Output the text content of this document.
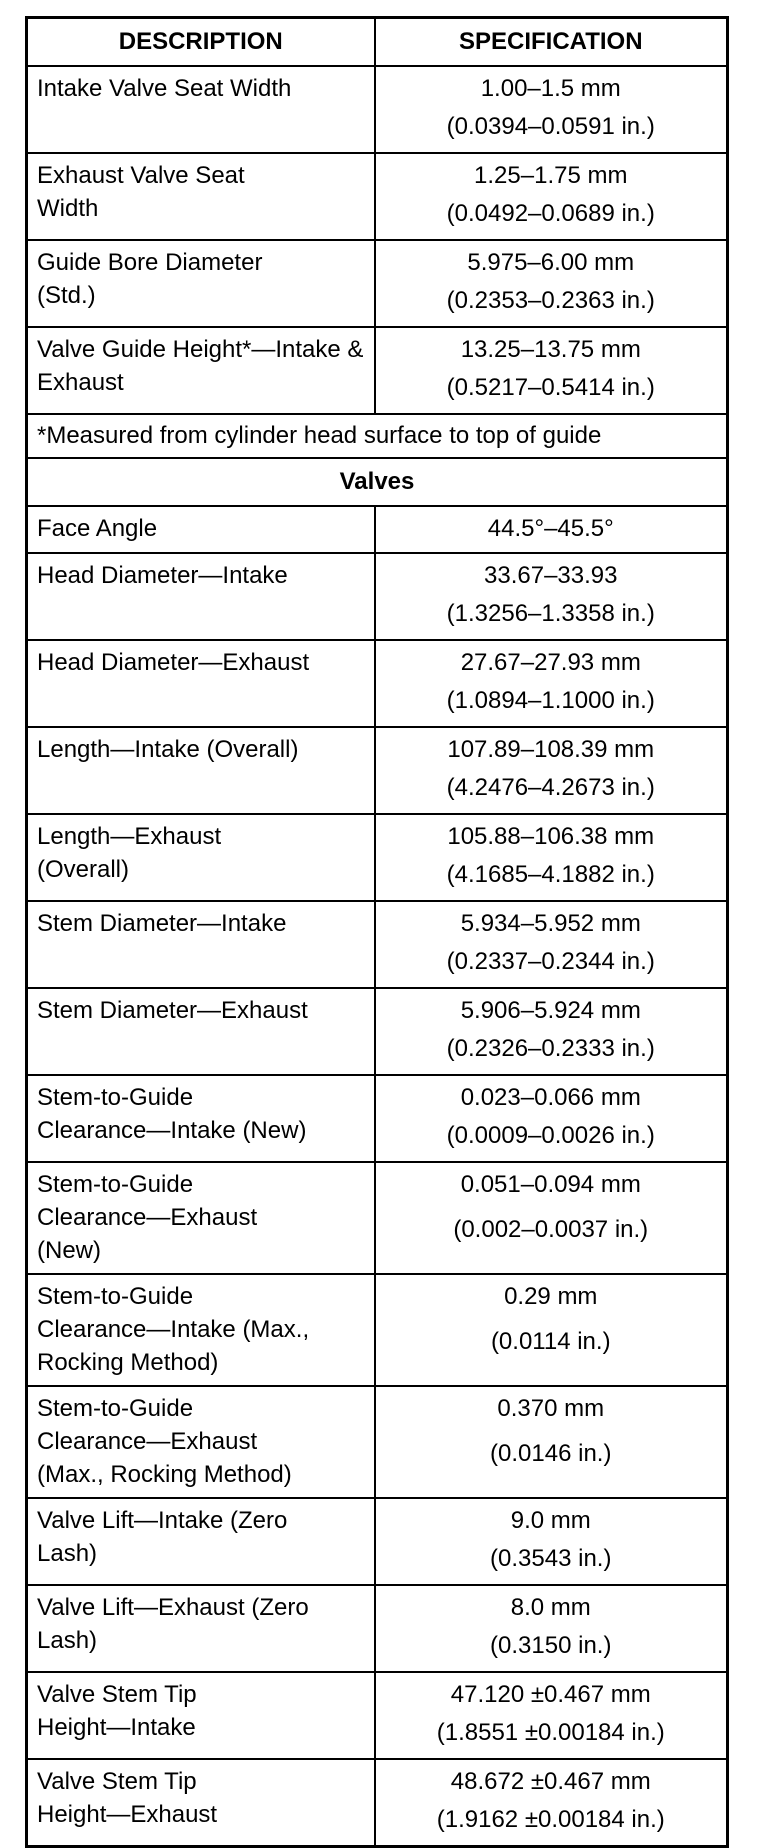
DESCRIPTION	SPECIFICATION
Intake Valve Seat Width	1.00–1.5 mm
(0.0394–0.0591 in.)

Exhaust Valve Seat
Width	1.25–1.75 mm
(0.0492–0.0689 in.)

Guide Bore Diameter
(Std.)	5.975–6.00 mm
(0.2353–0.2363 in.)

Valve Guide Height*—Intake & Exhaust	13.25–13.75 mm
(0.5217–0.5414 in.)

*Measured from cylinder head surface to top of guide	
Valves	
Face Angle	44.5°–45.5°

Head Diameter—Intake	33.67–33.93
(1.3256–1.3358 in.)

Head Diameter—Exhaust	27.67–27.93 mm
(1.0894–1.1000 in.)

Length—Intake (Overall)	107.89–108.39 mm
(4.2476–4.2673 in.)

Length—Exhaust
(Overall)	105.88–106.38 mm
(4.1685–4.1882 in.)

Stem Diameter—Intake	5.934–5.952 mm
(0.2337–0.2344 in.)

Stem Diameter—Exhaust	5.906–5.924 mm
(0.2326–0.2333 in.)

Stem-to-Guide
Clearance—Intake (New)	0.023–0.066 mm
(0.0009–0.0026 in.)

Stem-to-Guide
Clearance—Exhaust
(New)	0.051–0.094 mm
(0.002–0.0037 in.)

Stem-to-Guide
Clearance—Intake (Max.,
Rocking Method)	0.29 mm
(0.0114 in.)

Stem-to-Guide
Clearance—Exhaust
(Max., Rocking Method)	0.370 mm
(0.0146 in.)

Valve Lift—Intake (Zero
Lash)	9.0 mm
(0.3543 in.)

Valve Lift—Exhaust (Zero
Lash)	8.0 mm
(0.3150 in.)

Valve Stem Tip
Height—Intake	47.120 ±0.467 mm
(1.8551 ±0.00184 in.)

Valve Stem Tip
Height—Exhaust	48.672 ±0.467 mm
(1.9162 ±0.00184 in.)
